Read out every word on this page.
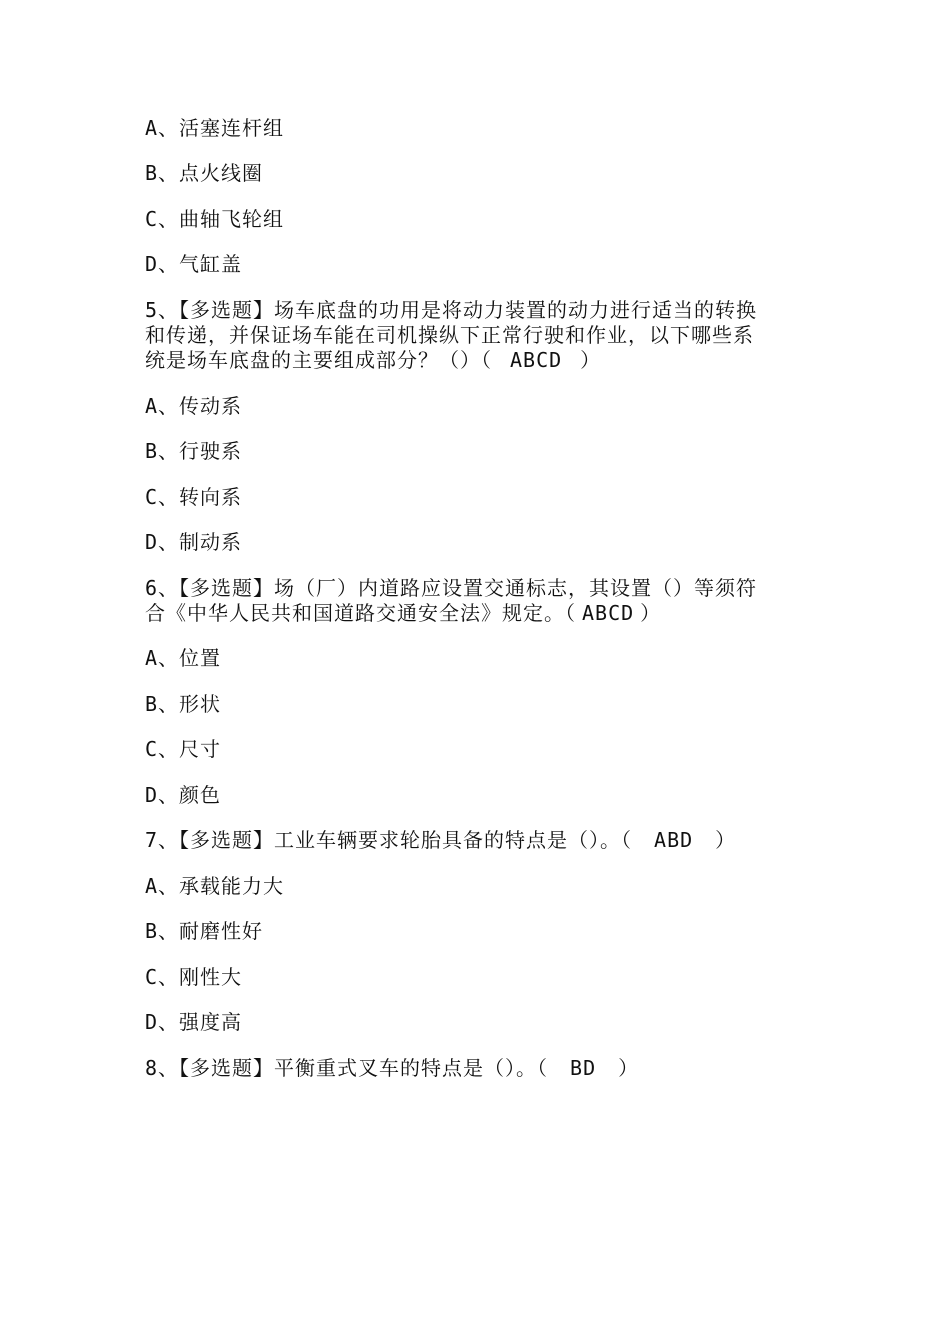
A、活塞连杆组
B、点火线圈
C、曲轴飞轮组
D、气缸盖
5、【多选题】场车底盘的功用是将动力装置的动力进行适当的转换
和传递，并保证场车能在司机操纵下正常行驶和作业，以下哪些系
统是场车底盘的主要组成部分？（）（ ABCD ）
A、传动系
B、行驶系
C、转向系
D、制动系
6、【多选题】场（厂）内道路应设置交通标志，其设置（）等须符
合《中华人民共和国道路交通安全法》规定。（ ABCD ）
A、位置
B、形状
C、尺寸
D、颜色
7、【多选题】工业车辆要求轮胎具备的特点是（）。（ ABD ）
A、承载能力大
B、耐磨性好
C、刚性大
D、强度高
8、【多选题】平衡重式叉车的特点是（）。（ BD ）
